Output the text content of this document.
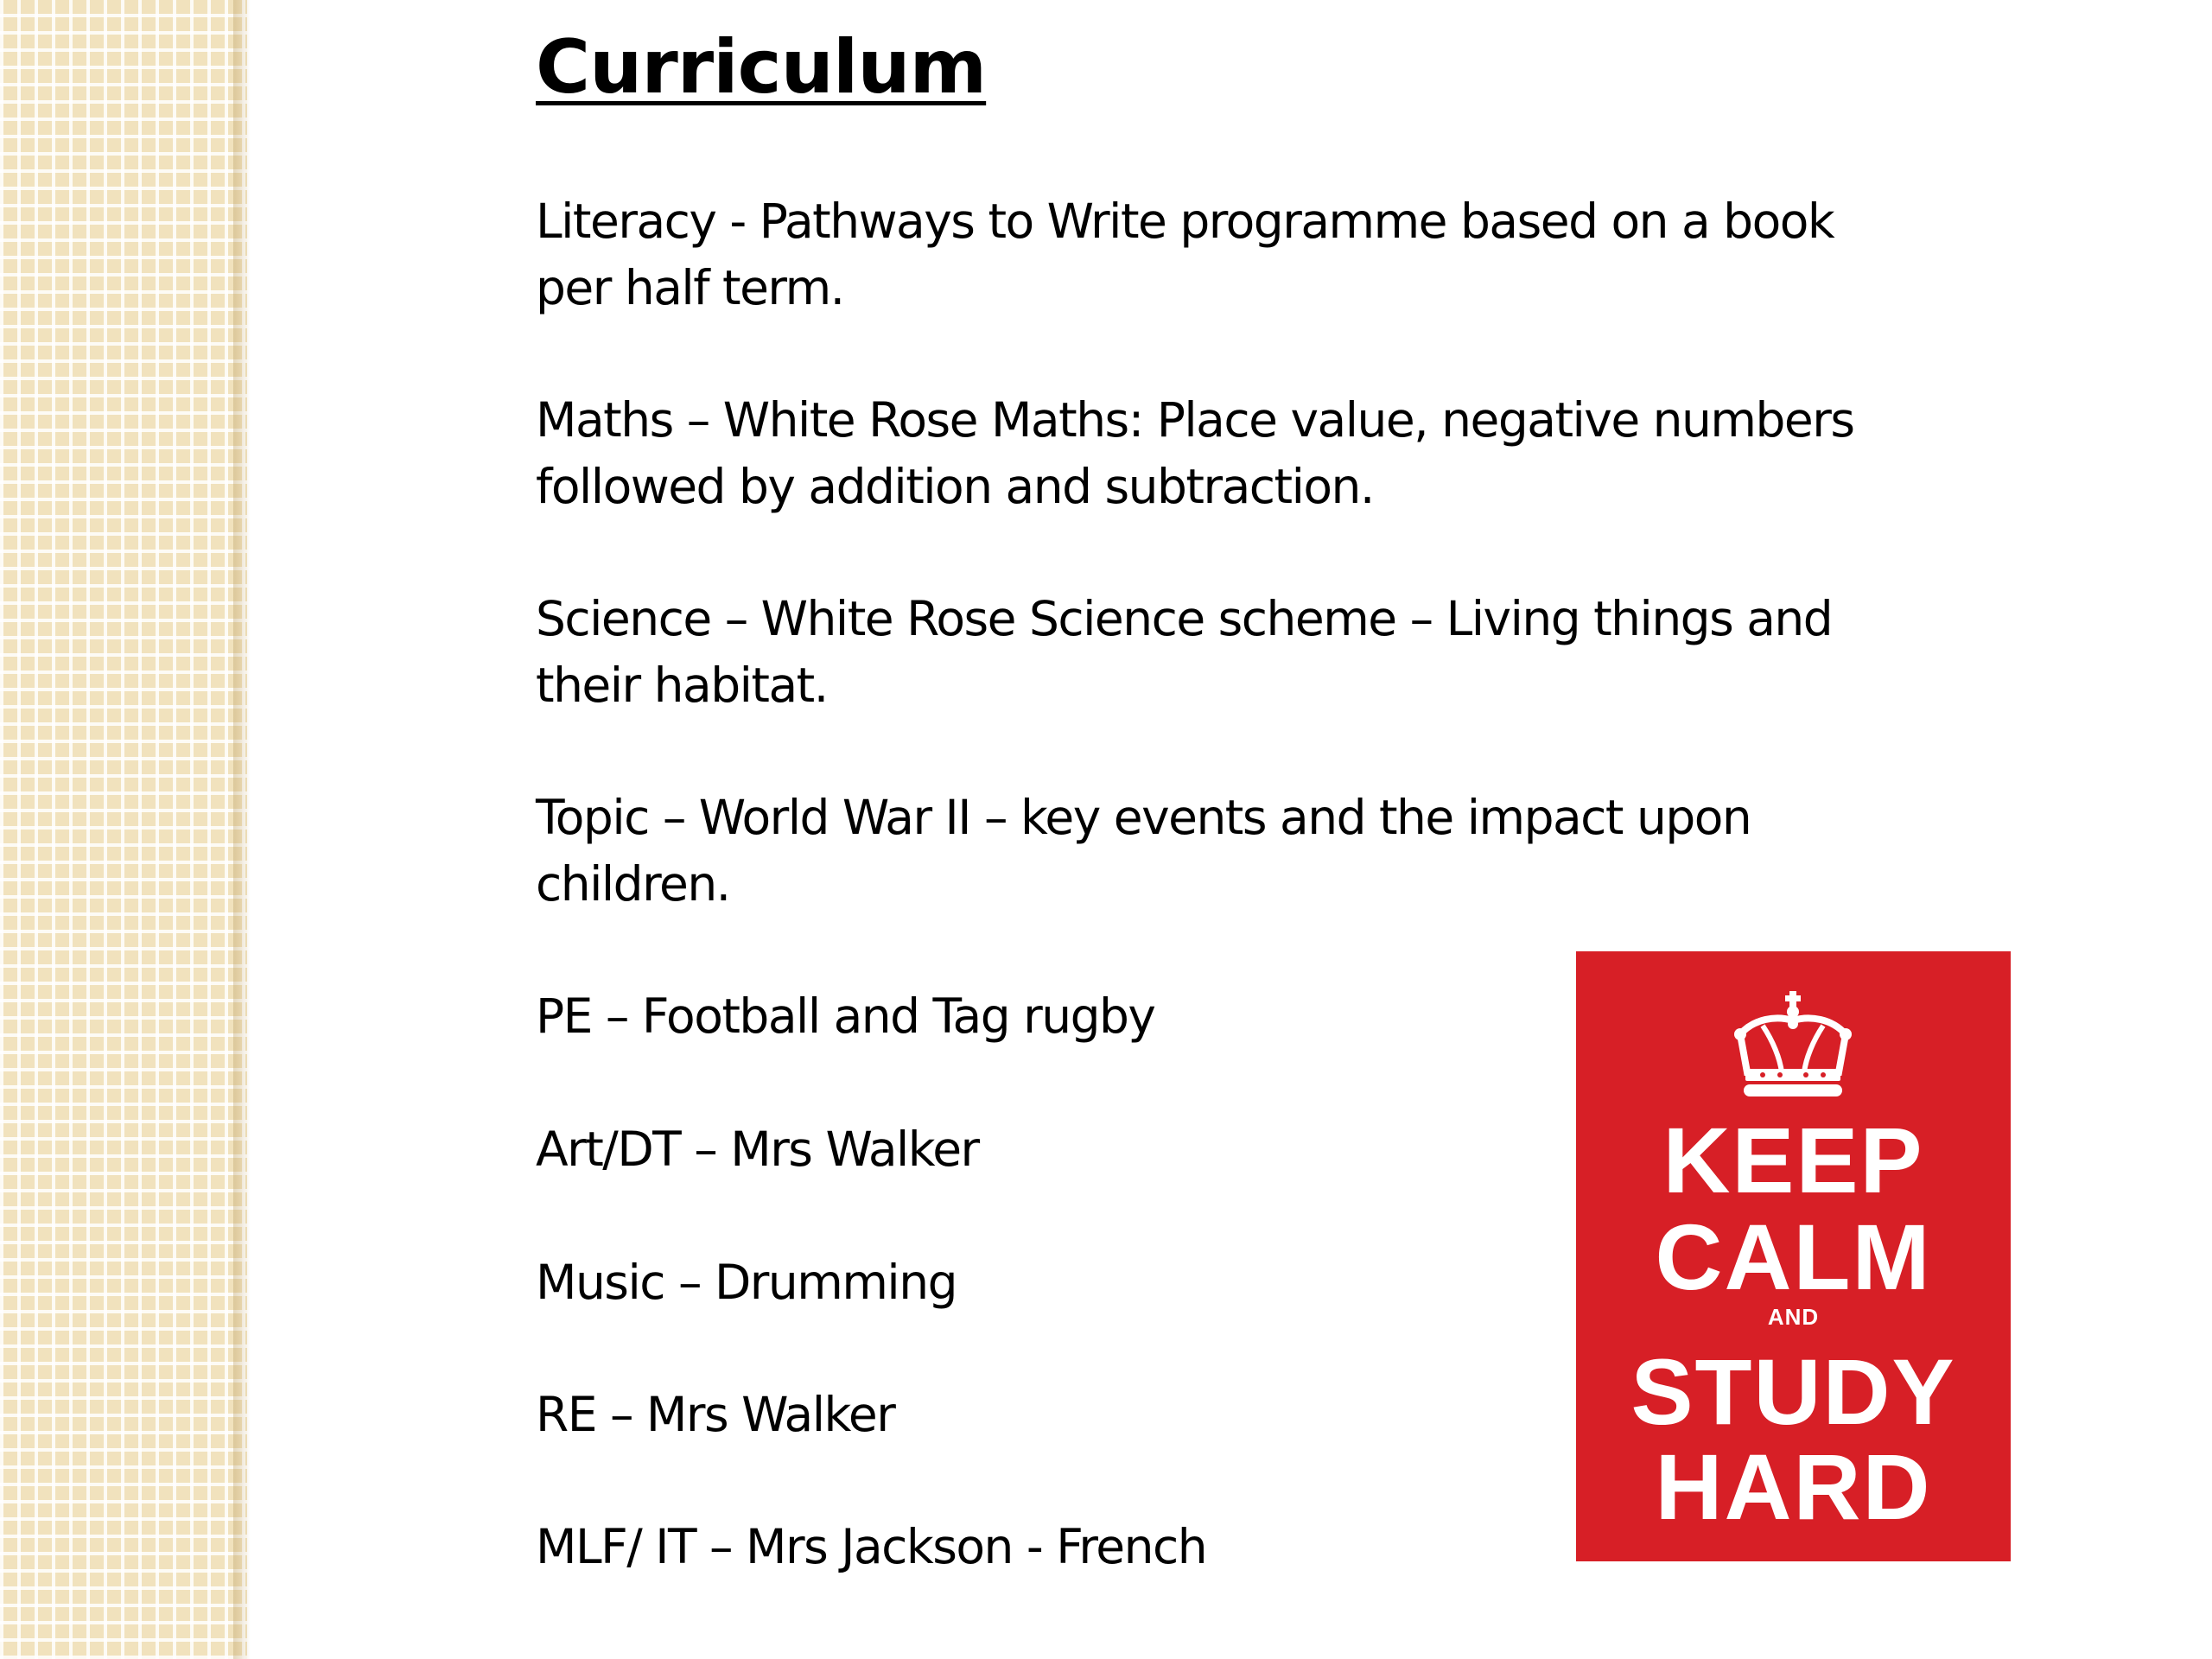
Curriculum

Literacy - Pathways to Write programme based on a book per half term.

Maths – White Rose Maths: Place value, negative numbers followed by addition and subtraction.

Science – White Rose Science scheme – Living things and their habitat.

Topic – World War II – key events and the impact upon children.

PE – Football and Tag rugby

Art/DT – Mrs Walker

Music – Drumming

RE – Mrs Walker

MLF/ IT – Mrs Jackson - French

KEEP

CALM

AND

STUDY

HARD
